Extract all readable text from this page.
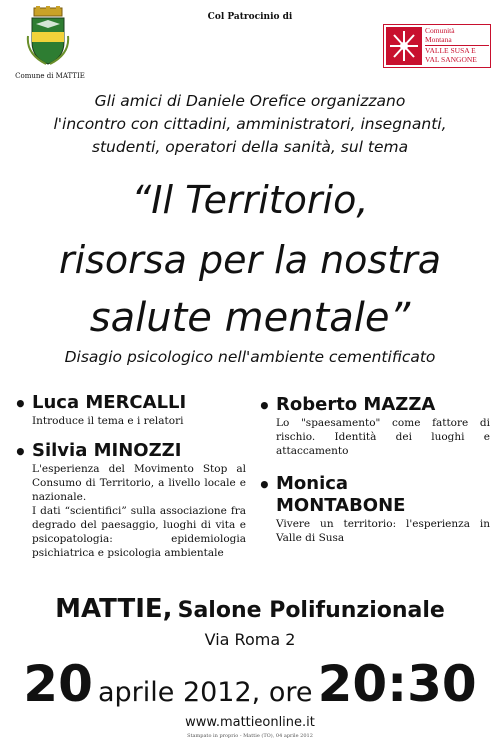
Comune di MATTIE
Col Patrocinio di
Comunità
Montana
VALLE SUSA E
VAL SANGONE
Gli amici di Daniele Orefice organizzano
l'incontro con cittadini, amministratori, insegnanti,
studenti, operatori della sanità, sul tema
“Il Territorio,
risorsa per la nostra
salute mentale”
Disagio psicologico nell'ambiente cementificato
• Luca MERCALLI
Introduce il tema e i relatori
• Silvia MINOZZI
L'esperienza del Movimento Stop al Consumo di Territorio, a livello locale e nazionale.
I dati “scientifici” sulla associazione fra degrado del paesaggio, luoghi di vita e psicopatologia: epidemiologia psichiatrica e psicologia ambientale
• Roberto MAZZA
Lo "spaesamento" come fattore di rischio. Identità dei luoghi e attaccamento
• Monica
MONTABONE
Vivere un territorio: l'esperienza in Valle di Susa
MATTIE, Salone Polifunzionale
Via Roma 2
20 aprile 2012, ore 20:30
www.mattieonline.it
Stampato in proprio - Mattie (TO), 04 aprile 2012
